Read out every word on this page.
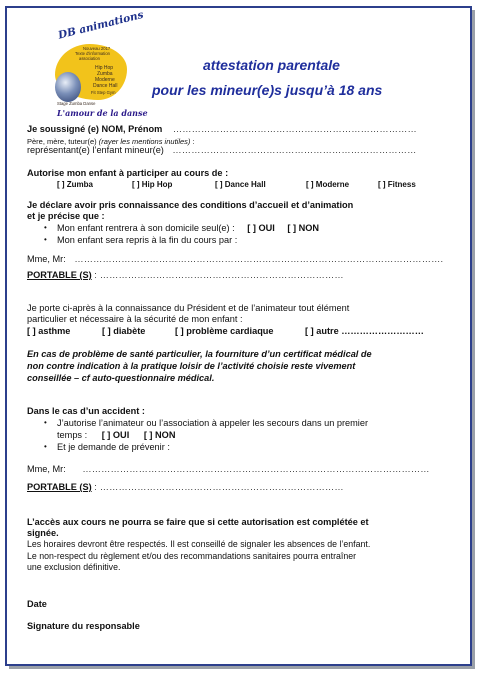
DB animations
Nouveau 2017
Texte d'information
association
Hip Hop
Zumba
Moderne
Dance Hall
Fit Step Gym
Stage Zumba Danse
L'amour de la danse
attestation parentale
pour les mineur(e)s jusqu’à 18 ans
Je soussigné (e) NOM, Prénom ……………………………………………………………………
Père, mère, tuteur(e) (rayer les mentions inutiles) :
représentant(e) l’enfant mineur(e) ……………………………………………………………………
Autorise mon enfant à participer au cours de :
[ ] Zumba	[ ] Hip Hop	[ ] Dance Hall	[ ] Moderne	[ ] Fitness
Je déclare avoir pris connaissance des conditions d’accueil et d’animation
et je précise que :
• Mon enfant rentrera à son domicile seul(e) : [ ] OUI [ ] NON
• Mon enfant sera repris à la fin du cours par :
Mme, Mr: ……………………………………………………………………………………………………….
PORTABLE (S) : ……………………………………………………………………
Je porte ci-après à la connaissance du Président et de l’animateur tout élément
particulier et nécessaire à la sécurité de mon enfant :
[ ] asthme	[ ] diabète	[ ] problème cardiaque	[ ] autre ………………………
En cas de problème de santé particulier, la fourniture d’un certificat médical de
non contre indication à la pratique loisir de l’activité choisie reste vivement
conseillée – cf auto-questionnaire médical.
Dans le cas d’un accident :
• J’autorise l’animateur ou l’association à appeler les secours dans un premier
temps : [ ] OUI [ ] NON
• Et je demande de prévenir :
Mme, Mr: …………………………………………………………………………………………………
PORTABLE (S) : ……………………………………………………………………
L’accès aux cours ne pourra se faire que si cette autorisation est complétée et
signée.
Les horaires devront être respectés. Il est conseillé de signaler les absences de l’enfant.
Le non-respect du règlement et/ou des recommandations sanitaires pourra entraîner
une exclusion définitive.
Date
Signature du responsable
